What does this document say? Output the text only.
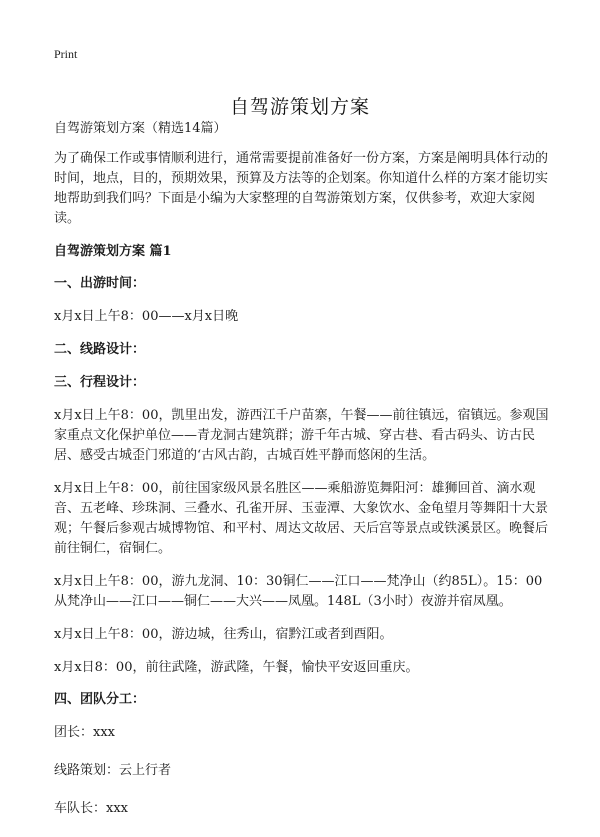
Print
自驾游策划方案

自驾游策划方案（精选14篇）

为了确保工作或事情顺利进行，通常需要提前准备好一份方案，方案是阐明具体行动的时间，地点，目的，预期效果，预算及方法等的企划案。你知道什么样的方案才能切实地帮助到我们吗？下面是小编为大家整理的自驾游策划方案，仅供参考，欢迎大家阅读。

自驾游策划方案 篇1

一、出游时间：

x月x日上午8：00——x月x日晚

二、线路设计：

三、行程设计：

x月x日上午8：00，凯里出发，游西江千户苗寨，午餐——前往镇远，宿镇远。参观国家重点文化保护单位——青龙洞古建筑群；游千年古城、穿古巷、看古码头、访古民居、感受古城歪门邪道的‘古风古韵，古城百姓平静而悠闲的生活。

x月x日上午8：00，前往国家级风景名胜区——乘船游览舞阳河：雄狮回首、滴水观音、五老峰、珍珠洞、三叠水、孔雀开屏、玉壶潭、大象饮水、金龟望月等舞阳十大景观；午餐后参观古城博物馆、和平村、周达文故居、天后宫等景点或铁溪景区。晚餐后前往铜仁，宿铜仁。

x月x日上午8：00，游九龙洞、10：30铜仁——江口——梵净山（约85L）。15：00从梵净山——江口——铜仁——大兴——凤凰。148L（3小时）夜游并宿凤凰。

x月x日上午8：00，游边城，往秀山，宿黔江或者到酉阳。

x月x日8：00，前往武隆，游武隆，午餐，愉快平安返回重庆。

四、团队分工：

团长：xxx

线路策划：云上行者

车队长：xxx
